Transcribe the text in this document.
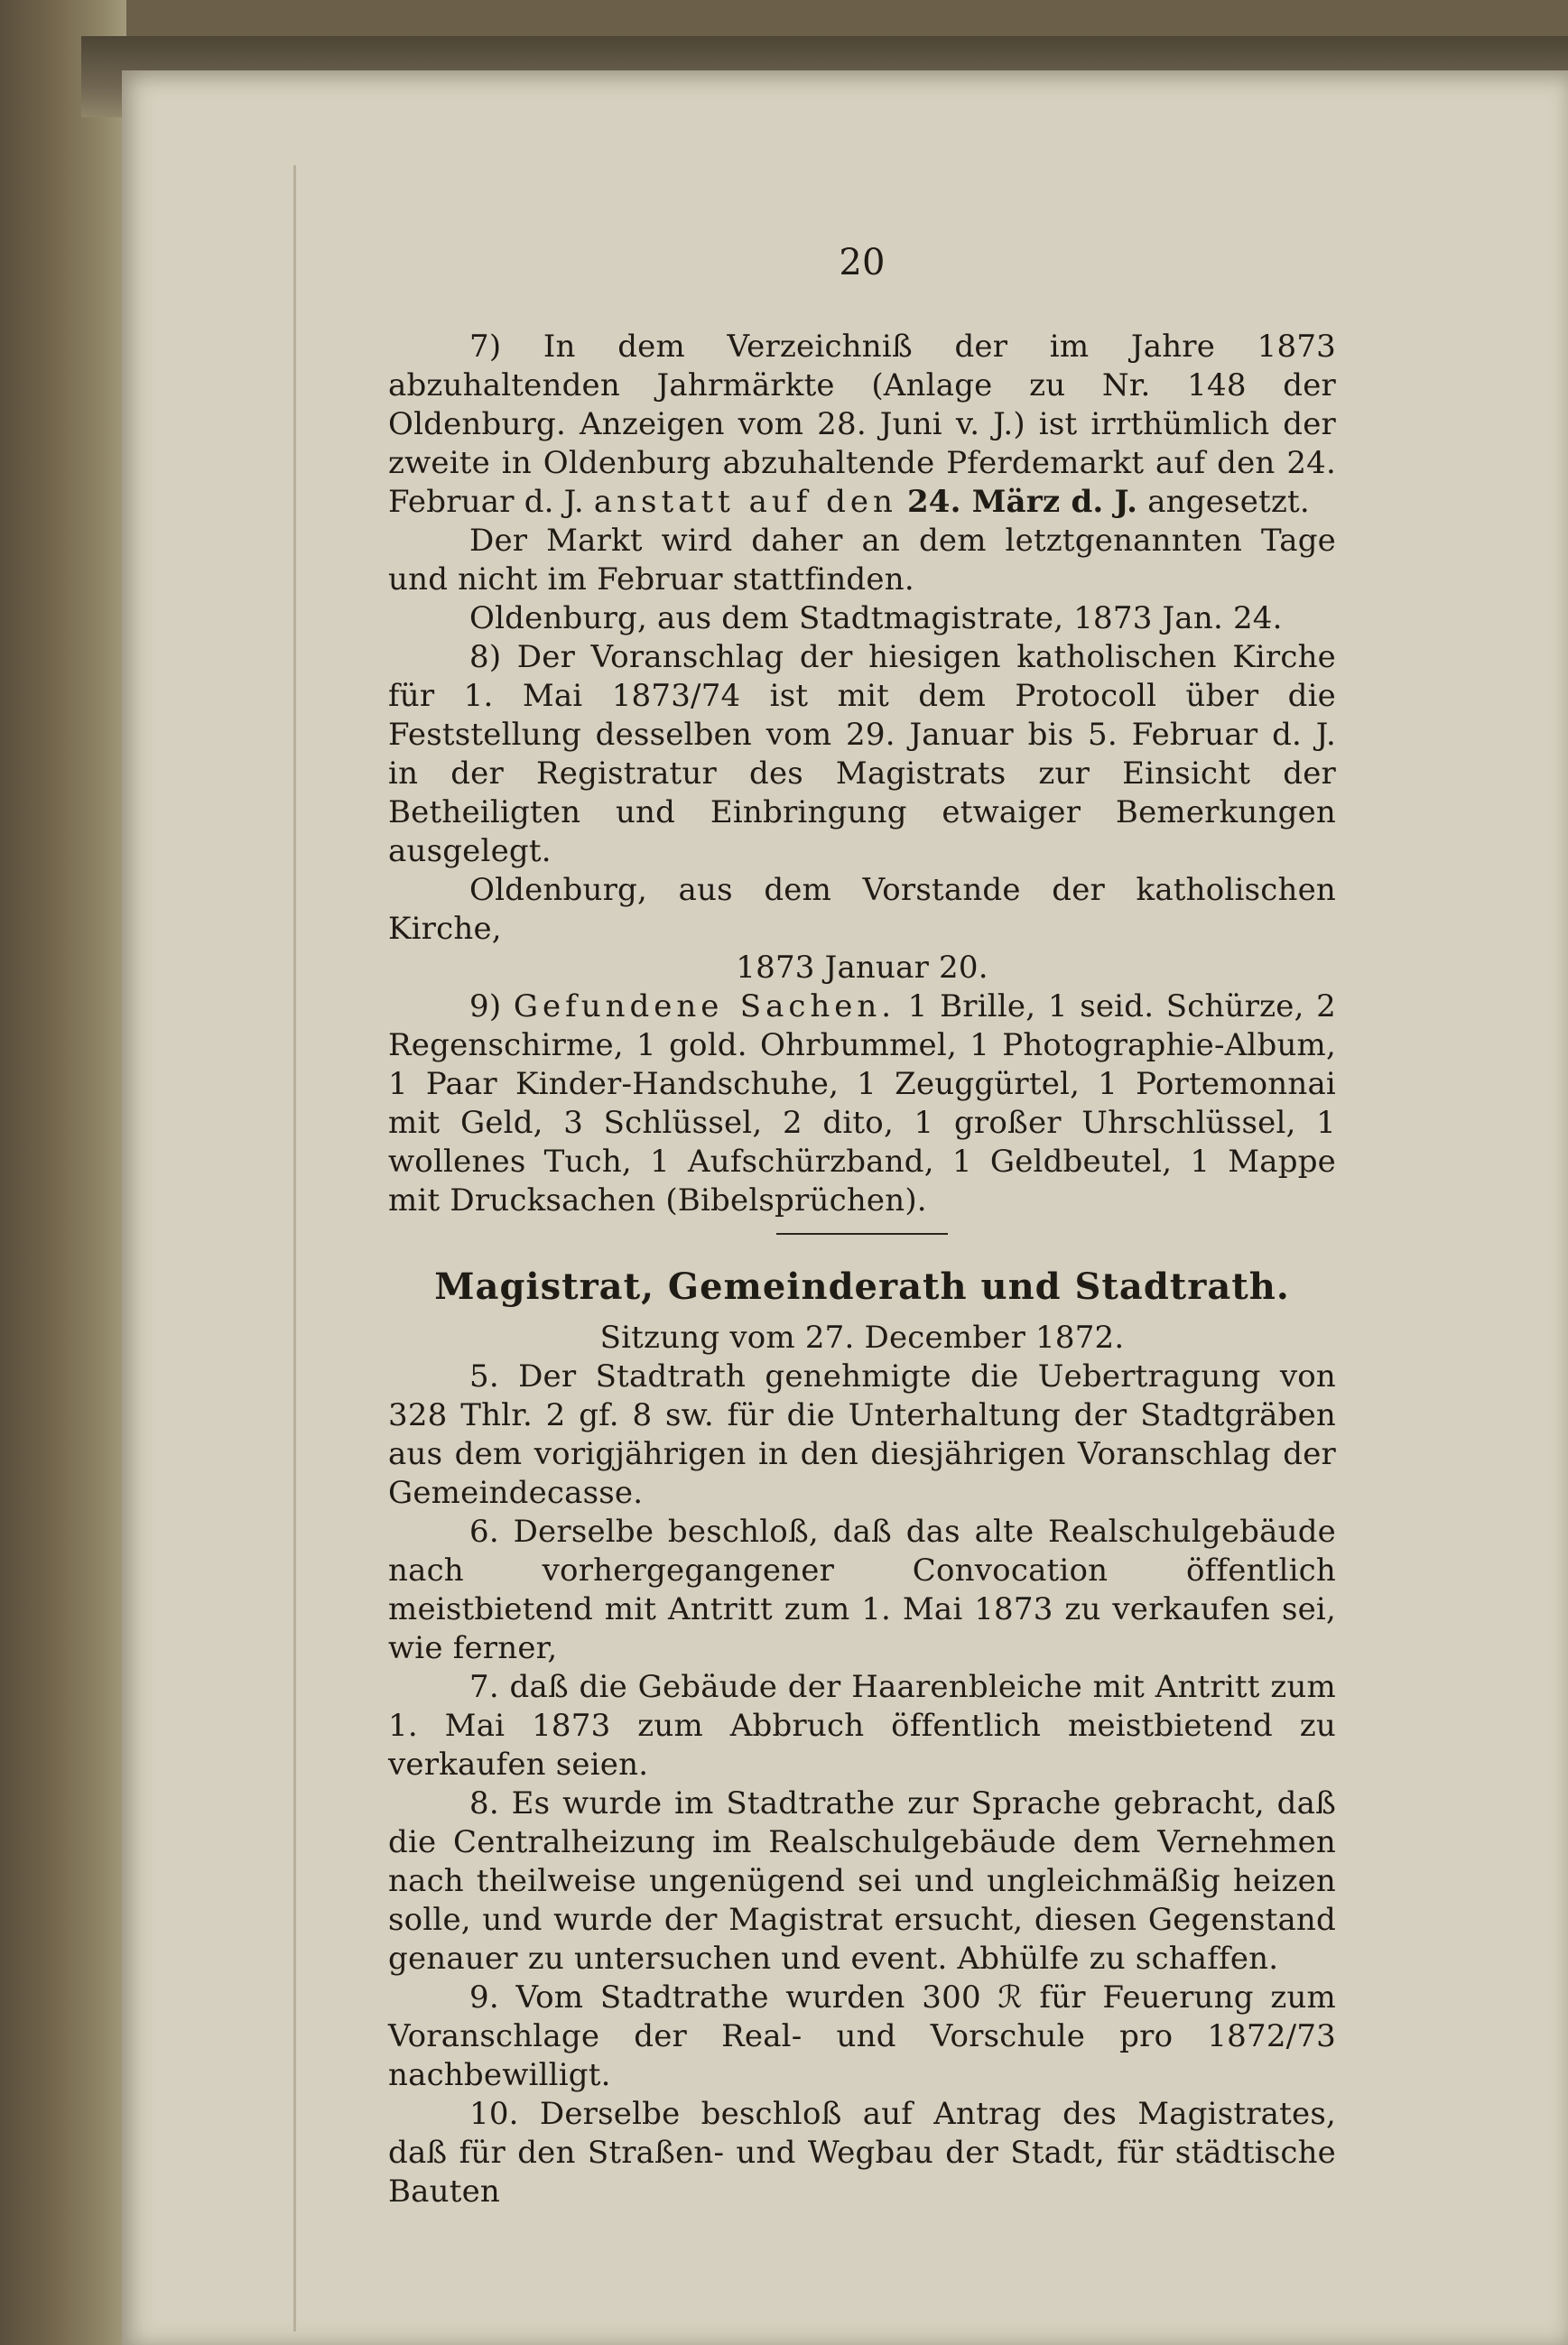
20

7) In dem Verzeichniß der im Jahre 1873 abzuhaltenden Jahrmärkte (Anlage zu Nr. 148 der Oldenburg. Anzeigen vom 28. Juni v. J.) ist irrthümlich der zweite in Oldenburg abzuhaltende Pferdemarkt auf den 24. Februar d. J. anstatt auf den 24. März d. J. angesetzt.

Der Markt wird daher an dem letztgenannten Tage und nicht im Februar stattfinden.

Oldenburg, aus dem Stadtmagistrate, 1873 Jan. 24.

8) Der Voranschlag der hiesigen katholischen Kirche für 1. Mai 1873/74 ist mit dem Protocoll über die Feststellung desselben vom 29. Januar bis 5. Februar d. J. in der Registratur des Magistrats zur Einsicht der Betheiligten und Einbringung etwaiger Bemerkungen ausgelegt.

Oldenburg, aus dem Vorstande der katholischen Kirche,

1873 Januar 20.

9) Gefundene Sachen. 1 Brille, 1 seid. Schürze, 2 Regenschirme, 1 gold. Ohrbummel, 1 Photographie-Album, 1 Paar Kinder-Handschuhe, 1 Zeuggürtel, 1 Portemonnai mit Geld, 3 Schlüssel, 2 dito, 1 großer Uhrschlüssel, 1 wollenes Tuch, 1 Aufschürzband, 1 Geldbeutel, 1 Mappe mit Drucksachen (Bibelsprüchen).

Magistrat, Gemeinderath und Stadtrath.

Sitzung vom 27. December 1872.

5. Der Stadtrath genehmigte die Uebertragung von 328 Thlr. 2 gf. 8 sw. für die Unterhaltung der Stadtgräben aus dem vorigjährigen in den diesjährigen Voranschlag der Gemeindecasse.

6. Derselbe beschloß, daß das alte Realschulgebäude nach vorhergegangener Convocation öffentlich meistbietend mit Antritt zum 1. Mai 1873 zu verkaufen sei, wie ferner,

7. daß die Gebäude der Haarenbleiche mit Antritt zum 1. Mai 1873 zum Abbruch öffentlich meistbietend zu verkaufen seien.

8. Es wurde im Stadtrathe zur Sprache gebracht, daß die Centralheizung im Realschulgebäude dem Vernehmen nach theilweise ungenügend sei und ungleichmäßig heizen solle, und wurde der Magistrat ersucht, diesen Gegenstand genauer zu untersuchen und event. Abhülfe zu schaffen.

9. Vom Stadtrathe wurden 300 ℛ für Feuerung zum Voranschlage der Real- und Vorschule pro 1872/73 nachbewilligt.

10. Derselbe beschloß auf Antrag des Magistrates, daß für den Straßen- und Wegbau der Stadt, für städtische Bauten
